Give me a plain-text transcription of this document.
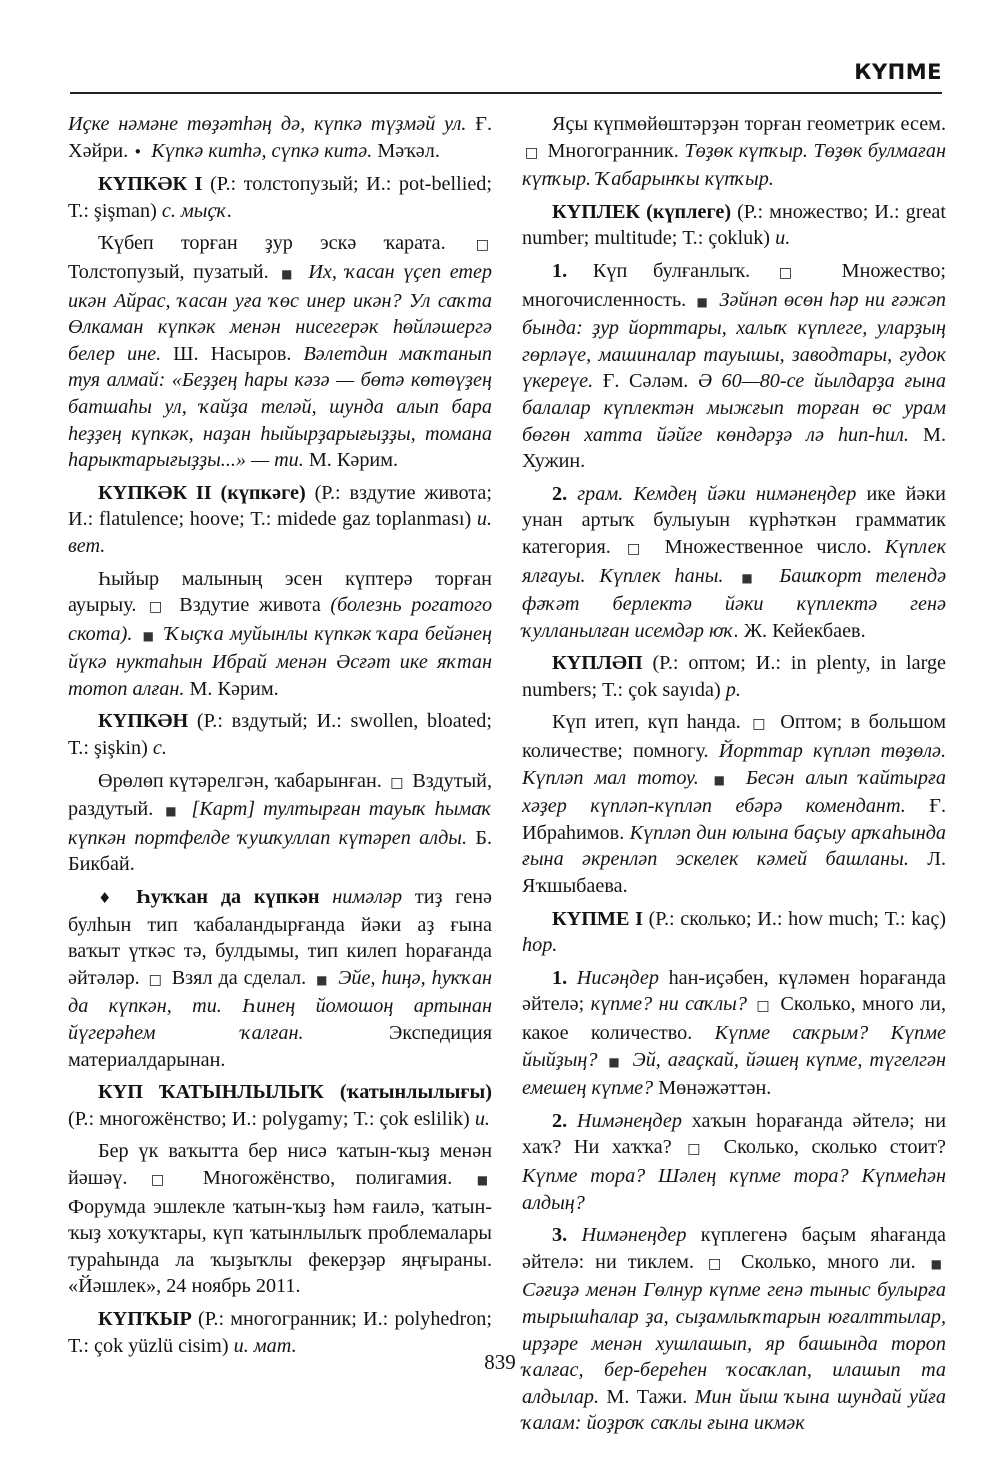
КҮПМЕ

Иҫке нәмәне төҙәтһәң дә, күпкә түҙмәй ул. Ғ. Хәйри. • Күпкә китһә, сүпкә китә. Мәҡәл.

КҮПКӘК I (Р.: толстопузый; И.: pot-bellied; Т.: şişman) с. мыҫҡ.

Ҡүбеп торған ҙур эскә ҡарата. □ Толстопузый, пузатый. ■ Их, ҡасан үҫеп етер икән Айрас, ҡасан уға ҡөс инер икән? Ул саҡта Өлкаман күпкәк менән нисегерәк һөйләшергә белер ине. Ш. Насыров. Вәлетдин маҡтанып туя алмай: «Беҙҙең һары кәзә — бөтә көтөүҙең батшаһы ул, ҡайҙа теләй, шунда алып бара һеҙҙең күпкәк, наҙан һыйырҙарығыҙҙы, томана һарыктарығыҙҙы...» — ти. М. Кәрим.

КҮПКӘК II (күпкәге) (Р.: вздутие живота; И.: flatulence; hoove; Т.: midede gaz toplanması) и. вет.

Һыйыр малының эсен күптерә торған ауырыу. □ Вздутие живота (болезнь рогатого скота). ■ Ҡыҫҡа муйынлы күпкәк ҡара бейәнең йүкә нуктаһын Ибрай менән Әсғәт ике яҡтан тотоп алған. М. Кәрим.

КҮПКӘН (Р.: вздутый; И.: swollen, bloated; Т.: şişkin) с.

Өрөлөп күтәрелгән, ҡабарынған. □ Вздутый, раздутый. ■ [Карт] тултырған тауыҡ һымаҡ күпкән портфелде ҡушҡуллап күтәреп алды. Б. Бикбай.

♦ Һуҡҡан да күпкән нимәләр тиҙ генә булһын тип ҡабаландырғанда йәки аҙ ғына ваҡыт үткәс тә, булдымы, тип килеп һорағанда әйтәләр. □ Взял да сделал. ■ Эйе, һиңә, һуҡҡан да күпкән, ти. Һинең йомошоң артынан йүгерәһем ҡалған.	Экспедиция материалдарынан.

КҮП ҠАТЫНЛЫЛЫҠ (ҡатынлылығы) (Р.: многожёнство; И.: polygamy; Т.: çok eslilik) и.

Бер үк ваҡытта бер нисә ҡатын-ҡыҙ менән йәшәү. □ Многожёнство, полигамия. ■ Форумда эшлекле ҡатын-ҡыҙ һәм ғаилә, ҡатын-ҡыҙ хоҡуҡтары, күп ҡатынлылыҡ проблемалары тураһында ла ҡыҙыҡлы фекерҙәр яңғыраны. «Йәшлек», 24 ноябрь 2011.

КҮПҠЫР (Р.: многогранник; И.: polyhedron; Т.: çok yüzlü cisim) и. мат.

Яҫы күпмөйөштәрҙән торған геометрик есем. □ Многогранник. Төҙөк күпҡыр. Төҙөк булмаған күпҡыр. Ҡабарынҡы күпҡыр.

КҮПЛЕК (күплеге) (Р.: множество; И.: great number; multitude; Т.: çokluk) и.

1. Күп булғанлыҡ. □ Множество; многочисленность. ■ Зәйнәп өсөн һәр ни ғәжәп бында: ҙур йорттары, халыҡ күплеге, уларҙың гөрләүе, машиналар тауышы, заводтары, гудок үкереүе. Ғ. Сәләм. Ә 60—80-се йылдарҙа ғына балалар күплектән мыжғып торған өс урам бөгөн хатта йәйге көндәрҙә лә һип-һил. М. Хужин.

2. грам. Кемдең йәки нимәнеңдер ике йәки унан артыҡ булыуын күрһәткән грамматик категория. □ Множественное число. Күплек ялғауы. Күплек һаны. ■ Башҡорт телендә фәҡәт берлектә йәки күплектә генә ҡулланылған исемдәр юҡ. Ж. Кейекбаев.

КҮПЛӘП (Р.: оптом; И.: in plenty, in large numbers; Т.: çok sayıda) р.

Күп итеп, күп һанда. □ Оптом; в большом количестве; помногу. Йорттар күпләп төҙөлә. Күпләп мал тотоу. ■ Бесән алып ҡайтырға хәҙер күпләп-күпләп ебәрә комендант. Ғ. Ибраһимов. Күпләп дин юлына баҫыу арҡаһында ғына әкренләп эскелек кәмей башланы. Л. Яҡшыбаева.

КҮПМЕ I (Р.: сколько; И.: how much; Т.: kaç) һор.

1. Нисәңдер һан-иҫәбен, күләмен һорағанда әйтелә; күпме? ни саҡлы? □ Сколько, много ли, какое количество. Күпме саҡрым? Күпме йыйҙың? ■ Эй, ағаҫкай, йәшең күпме, түгелгән емешең күпме? Мөнәжәттән.

2. Нимәнеңдер хаҡын һорағанда әйтелә; ни хаҡ? Ни хаҡҡа? □ Сколько, сколько стоит? Күпме тора? Шәлең күпме тора? Күпмеһән алдың?

3. Нимәнеңдер күплегенә баҫым яһағанда әйтелә: ни тиклем. □ Сколько, много ли. ■ Сәғиҙә менән Гөлнур күпме генә тыныс булырға тырышһалар ҙа, сыҙамлыҡтарын юғалттылар, ирҙәре менән хушлашып, яр башында тороп ҡалғас, бер-береһен ҡосаҡлап, илашып та алдылар. М. Тажи. Мин йыш ҡына шундай уйға ҡалам: йоҙроҡ саҡлы ғына икмәк

839
